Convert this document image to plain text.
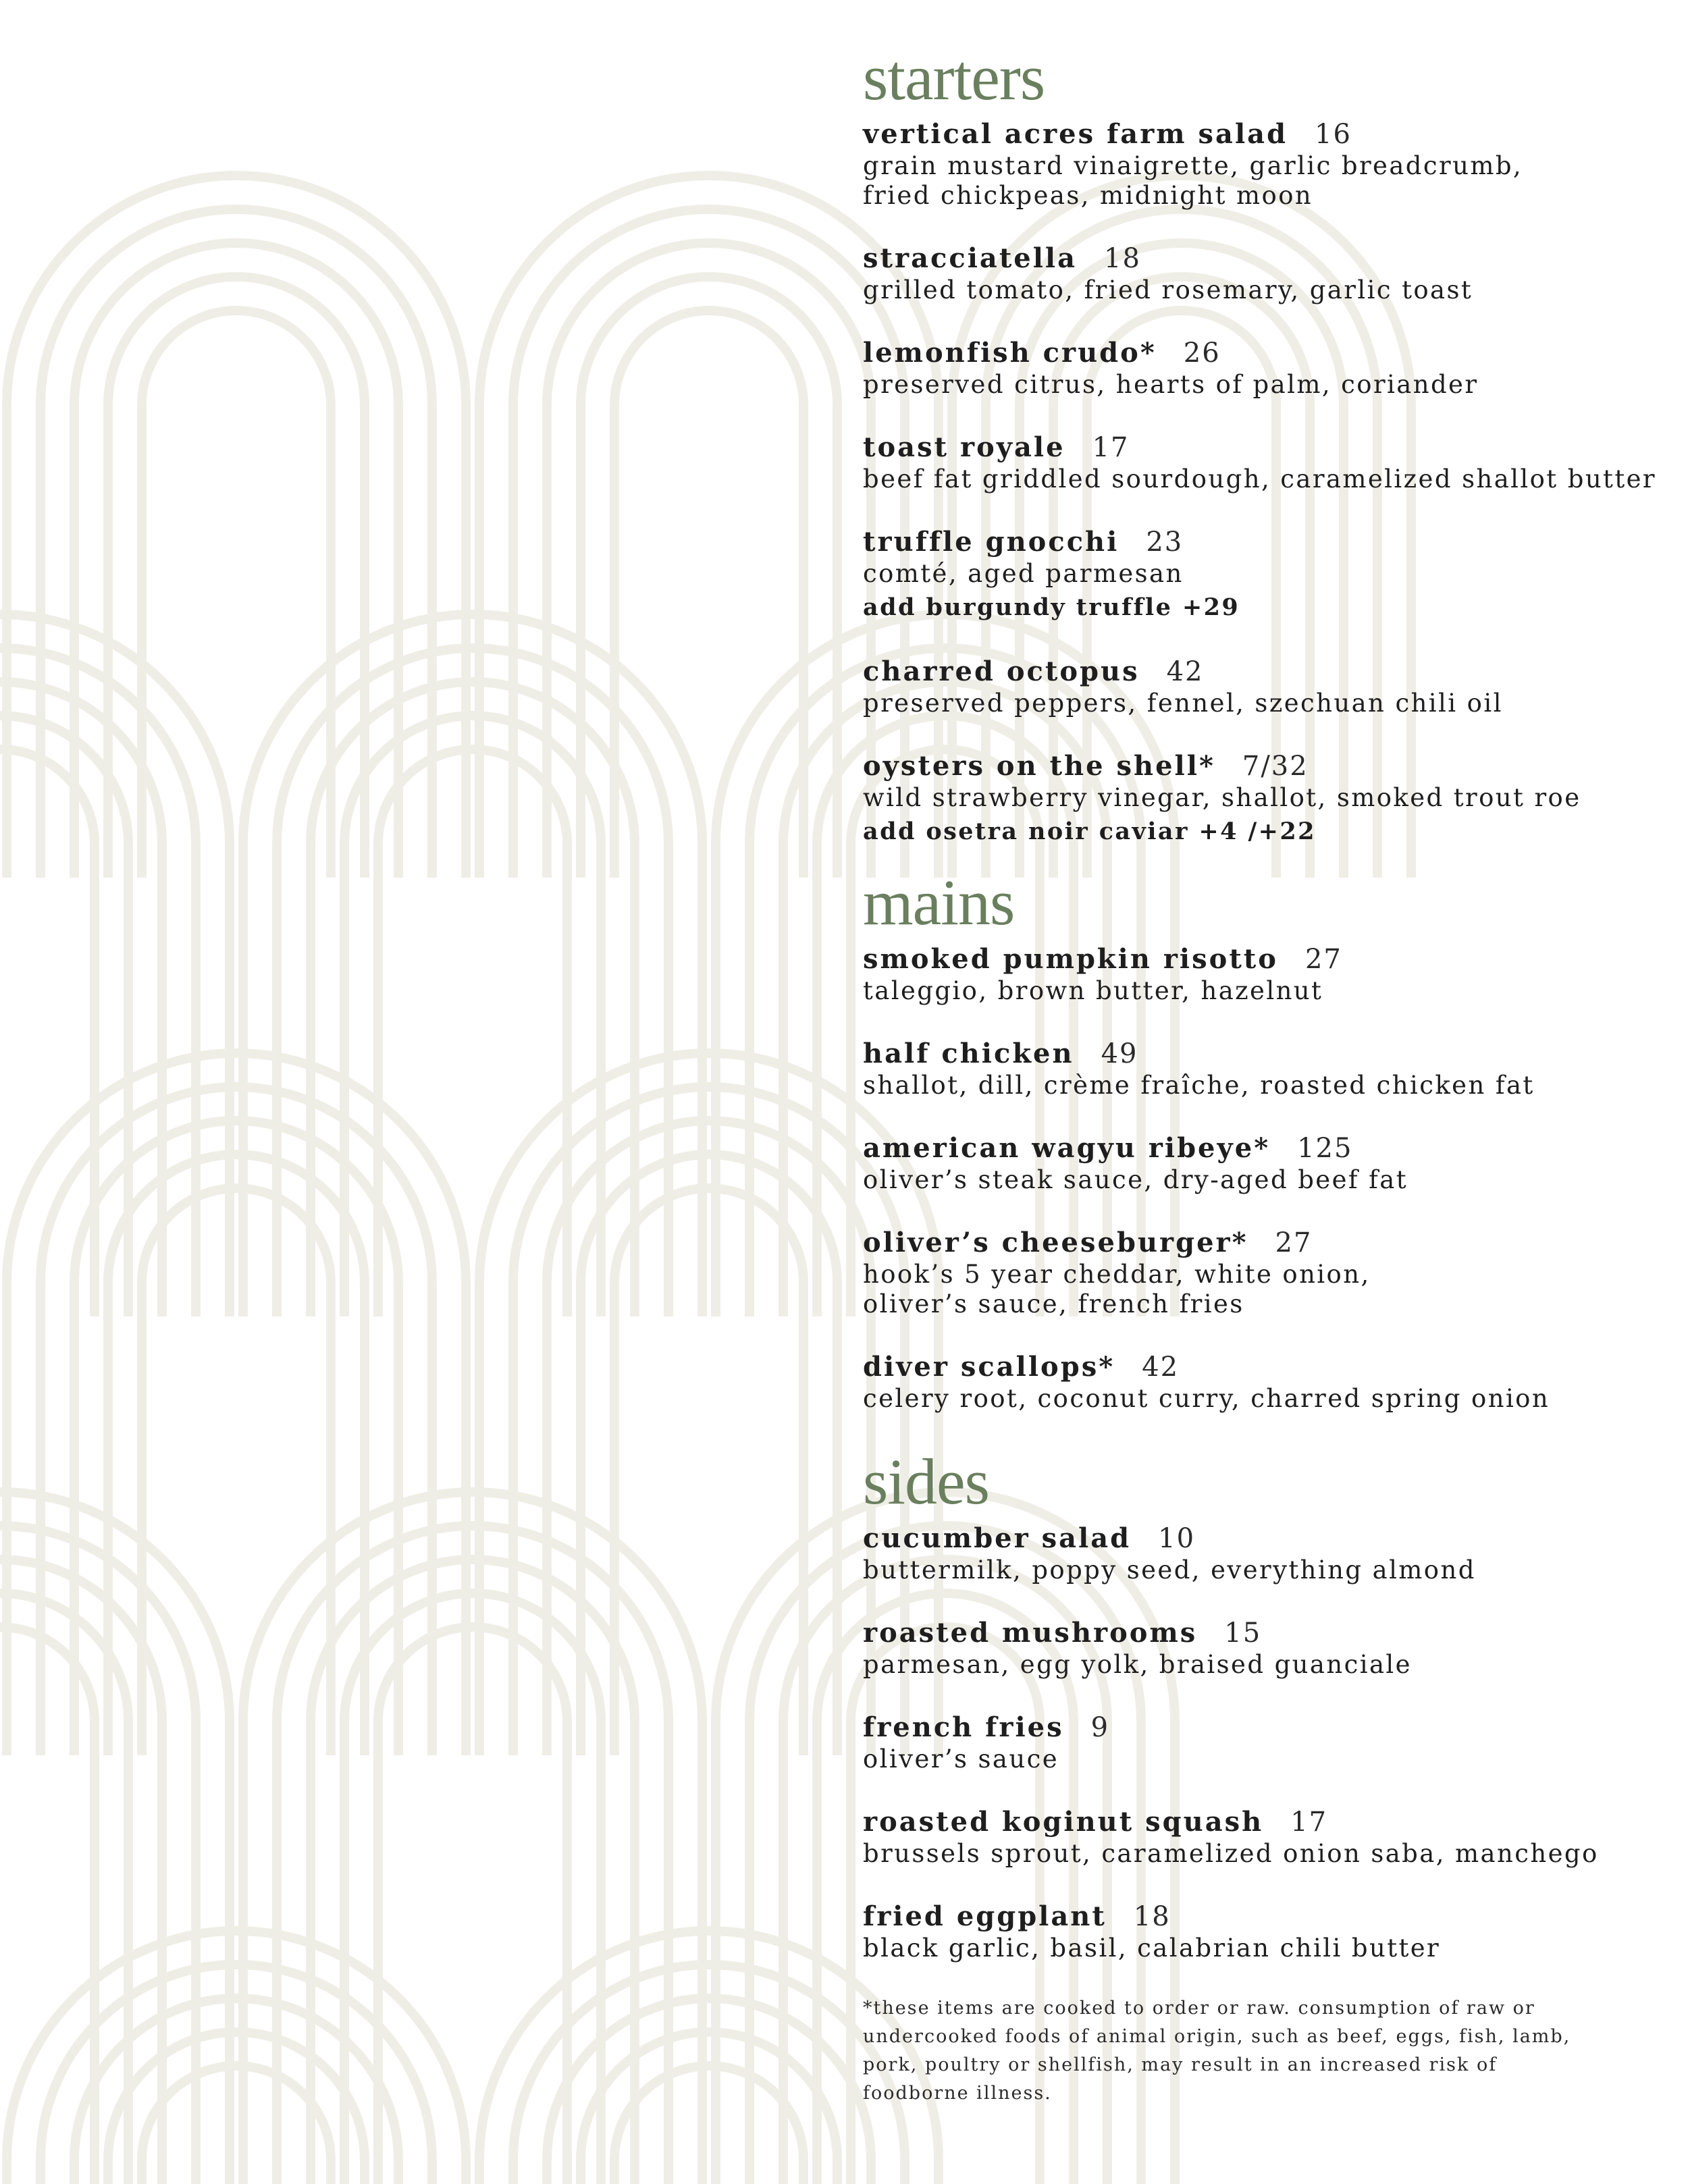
starters
vertical acres farm salad 16
grain mustard vinaigrette, garlic breadcrumb,
fried chickpeas, midnight moon
stracciatella 18
grilled tomato, fried rosemary, garlic toast
lemonfish crudo* 26
preserved citrus, hearts of palm, coriander
toast royale 17
beef fat griddled sourdough, caramelized shallot butter
truffle gnocchi 23
comté, aged parmesan
add burgundy truffle +29
charred octopus 42
preserved peppers, fennel, szechuan chili oil
oysters on the shell* 7/32
wild strawberry vinegar, shallot, smoked trout roe
add osetra noir caviar +4 /+22
mains
smoked pumpkin risotto 27
taleggio, brown butter, hazelnut
half chicken 49
shallot, dill, crème fraîche, roasted chicken fat
american wagyu ribeye* 125
oliver’s steak sauce, dry-aged beef fat
oliver’s cheeseburger* 27
hook’s 5 year cheddar, white onion,
oliver’s sauce, french fries
diver scallops* 42
celery root, coconut curry, charred spring onion
sides
cucumber salad 10
buttermilk, poppy seed, everything almond
roasted mushrooms 15
parmesan, egg yolk, braised guanciale
french fries 9
oliver’s sauce
roasted koginut squash 17
brussels sprout, caramelized onion saba, manchego
fried eggplant 18
black garlic, basil, calabrian chili butter
*these items are cooked to order or raw. consumption of raw or undercooked foods of animal origin, such as beef, eggs, fish, lamb, pork, poultry or shellfish, may result in an increased risk of foodborne illness.
